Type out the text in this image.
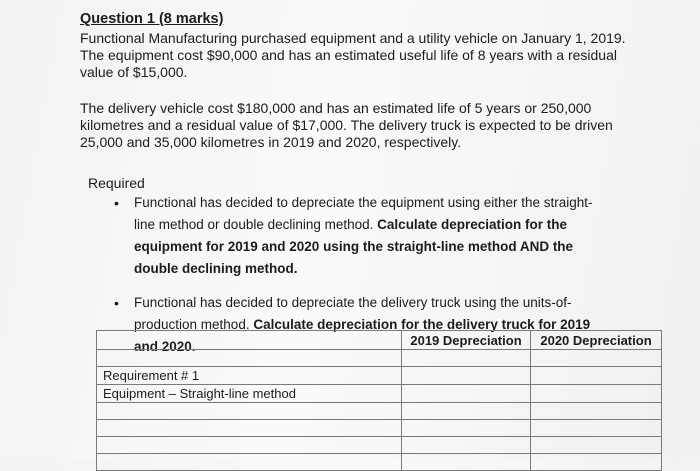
Question 1 (8 marks)
Functional Manufacturing purchased equipment and a utility vehicle on January 1, 2019. The equipment cost $90,000 and has an estimated useful life of 8 years with a residual value of $15,000.
The delivery vehicle cost $180,000 and has an estimated life of 5 years or 250,000 kilometres and a residual value of $17,000. The delivery truck is expected to be driven 25,000 and 35,000 kilometres in 2019 and 2020, respectively.
Required
• Functional has decided to depreciate the equipment using either the straight-line method or double declining method. Calculate depreciation for the equipment for 2019 and 2020 using the straight-line method AND the double declining method.
• Functional has decided to depreciate the delivery truck using the units-of-production method. Calculate depreciation for the delivery truck for 2019 and 2020.
		2019 Depreciation	2020 Depreciation

Requirement # 1		
Equipment – Straight-line method		
